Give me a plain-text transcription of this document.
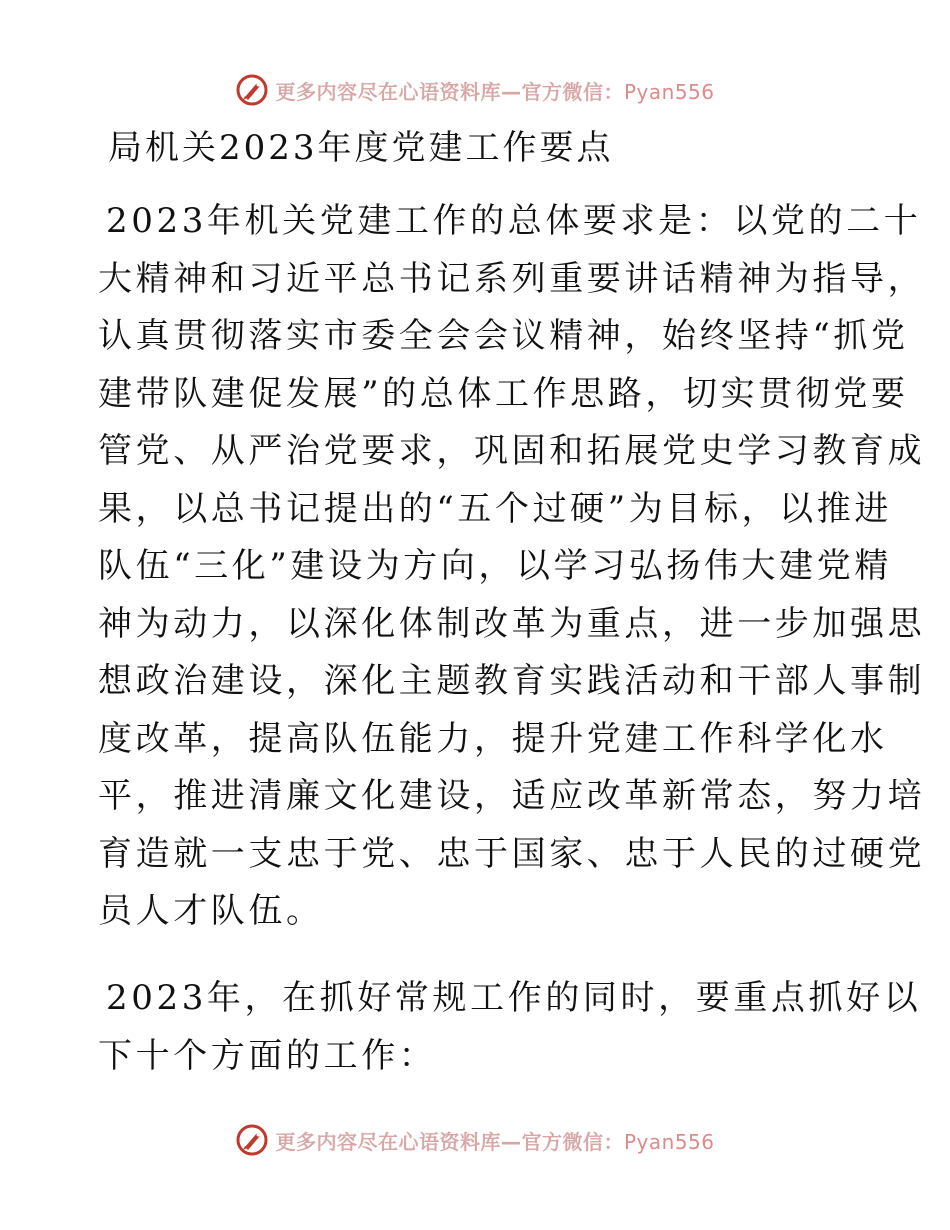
更多内容尽在心语资料库—官方微信：Pyan556
局机关2023年度党建工作要点
2023年机关党建工作的总体要求是：以党的二十
大精神和习近平总书记系列重要讲话精神为指导，
认真贯彻落实市委全会会议精神，始终坚持“抓党
建带队建促发展”的总体工作思路，切实贯彻党要
管党、从严治党要求，巩固和拓展党史学习教育成
果，以总书记提出的“五个过硬”为目标，以推进
队伍“三化”建设为方向，以学习弘扬伟大建党精
神为动力，以深化体制改革为重点，进一步加强思
想政治建设，深化主题教育实践活动和干部人事制
度改革，提高队伍能力，提升党建工作科学化水
平，推进清廉文化建设，适应改革新常态，努力培
育造就一支忠于党、忠于国家、忠于人民的过硬党
员人才队伍。
2023年，在抓好常规工作的同时，要重点抓好以
下十个方面的工作：
更多内容尽在心语资料库—官方微信：Pyan556
